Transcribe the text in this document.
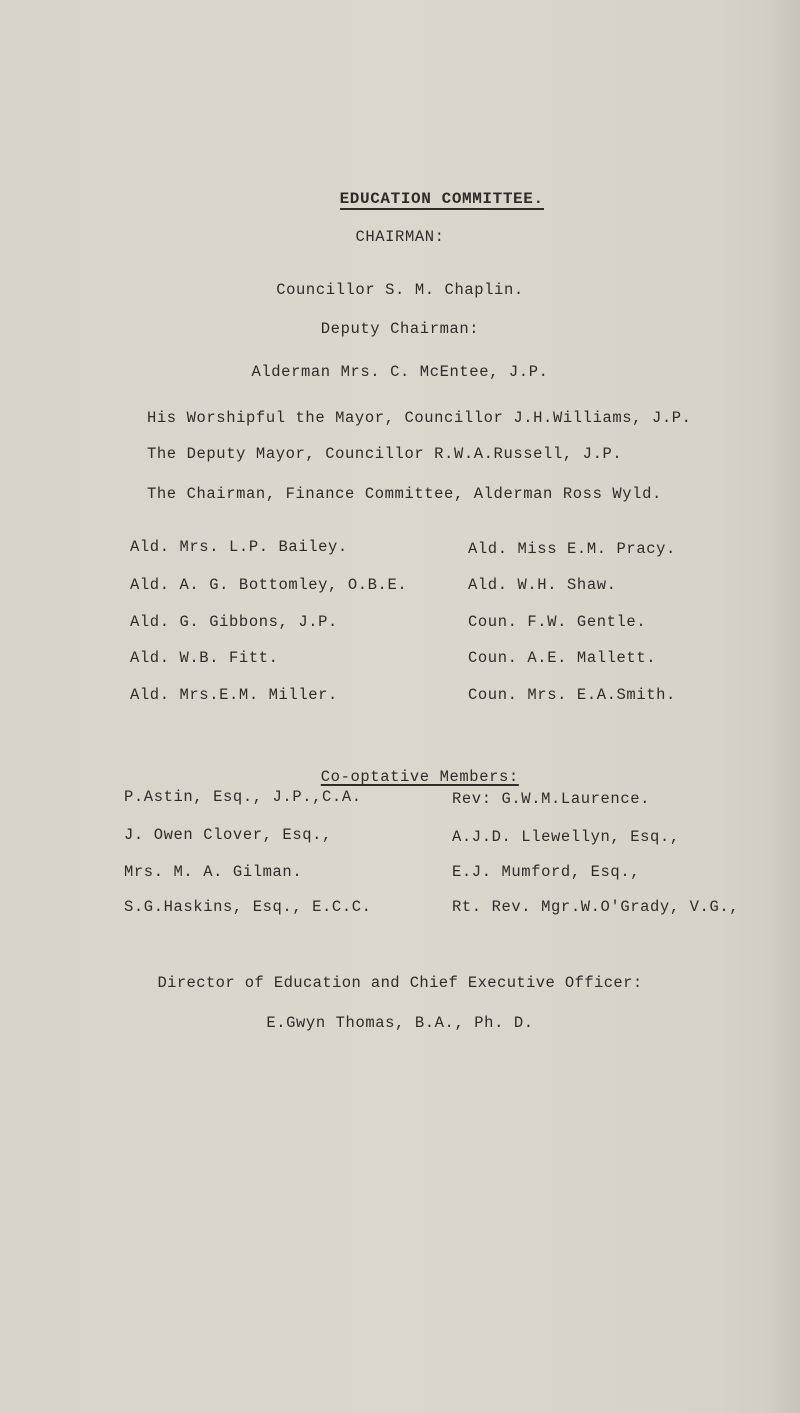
EDUCATION COMMITTEE.

CHAIRMAN:
Councillor S. M. Chaplin.
Deputy Chairman:
Alderman Mrs. C. McEntee, J.P.
His Worshipful the Mayor, Councillor J.H.Williams, J.P.
The Deputy Mayor, Councillor R.W.A.Russell, J.P.
The Chairman, Finance Committee, Alderman Ross Wyld.
Ald. Mrs. L.P. Bailey.
Ald. A. G. Bottomley, O.B.E.
Ald. G. Gibbons, J.P.
Ald. W.B. Fitt.
Ald. Mrs.E.M. Miller.
Ald. Miss E.M. Pracy.
Ald. W.H. Shaw.
Coun. F.W. Gentle.
Coun. A.E. Mallett.
Coun. Mrs. E.A.Smith.

Co-optative Members:

P.Astin, Esq., J.P.,C.A.
J. Owen Clover, Esq.,
Mrs. M. A. Gilman.
S.G.Haskins, Esq., E.C.C.
Rev: G.W.M.Laurence.
A.J.D. Llewellyn, Esq.,
E.J. Mumford, Esq.,
Rt. Rev. Mgr.W.O'Grady, V.G.,
Director of Education and Chief Executive Officer:
E.Gwyn Thomas, B.A., Ph. D.
